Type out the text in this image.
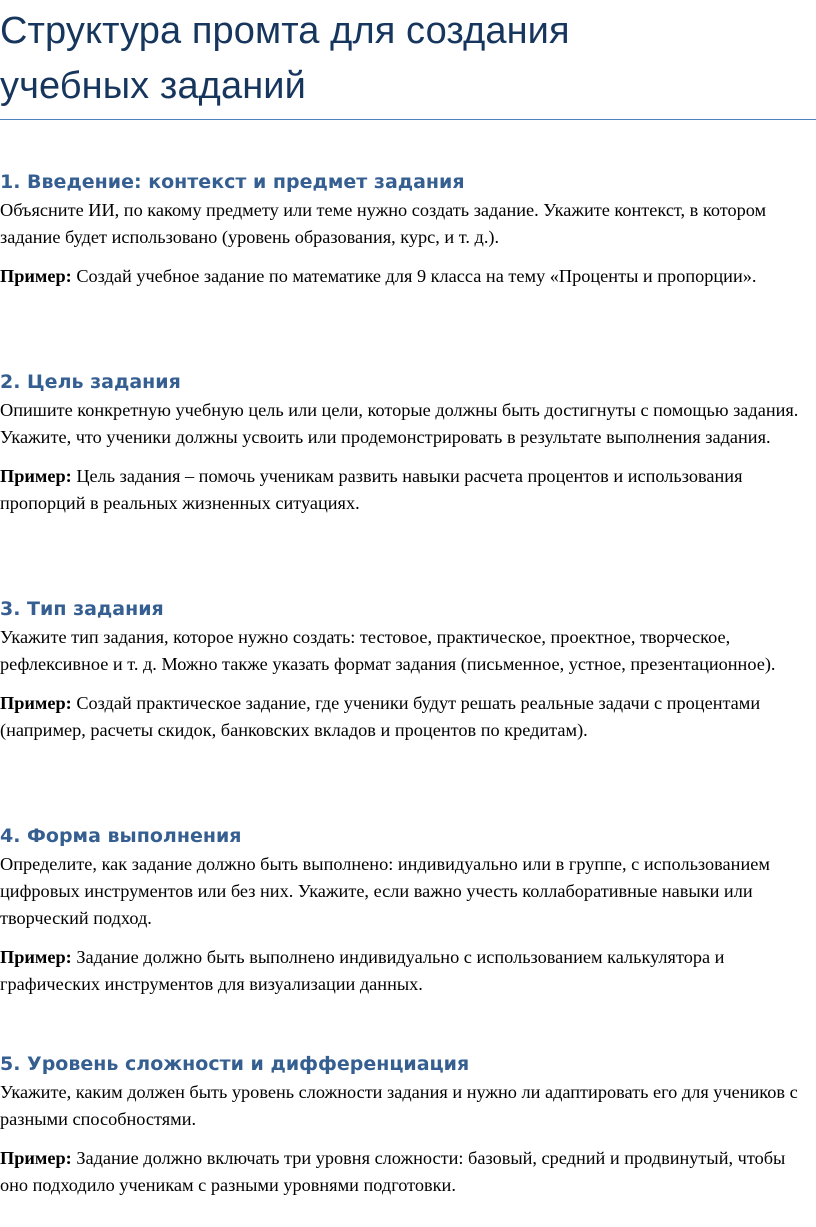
Структура промта для создания
учебных заданий
1. Введение: контекст и предмет задания

Объясните ИИ, по какому предмету или теме нужно создать задание. Укажите контекст, в котором задание будет использовано (уровень образования, курс, и т. д.).

Пример: Создай учебное задание по математике для 9 класса на тему «Проценты и пропорции».

2. Цель задания

Опишите конкретную учебную цель или цели, которые должны быть достигнуты с помощью задания. Укажите, что ученики должны усвоить или продемонстрировать в результате выполнения задания.

Пример: Цель задания – помочь ученикам развить навыки расчета процентов и использования пропорций в реальных жизненных ситуациях.

3. Тип задания

Укажите тип задания, которое нужно создать: тестовое, практическое, проектное, творческое, рефлексивное и т. д. Можно также указать формат задания (письменное, устное, презентационное).

Пример: Создай практическое задание, где ученики будут решать реальные задачи с процентами (например, расчеты скидок, банковских вкладов и процентов по кредитам).

4. Форма выполнения

Определите, как задание должно быть выполнено: индивидуально или в группе, с использованием цифровых инструментов или без них. Укажите, если важно учесть коллаборативные навыки или творческий подход.

Пример: Задание должно быть выполнено индивидуально с использованием калькулятора и графических инструментов для визуализации данных.

5. Уровень сложности и дифференциация

Укажите, каким должен быть уровень сложности задания и нужно ли адаптировать его для учеников с разными способностями.

Пример: Задание должно включать три уровня сложности: базовый, средний и продвинутый, чтобы оно подходило ученикам с разными уровнями подготовки.
